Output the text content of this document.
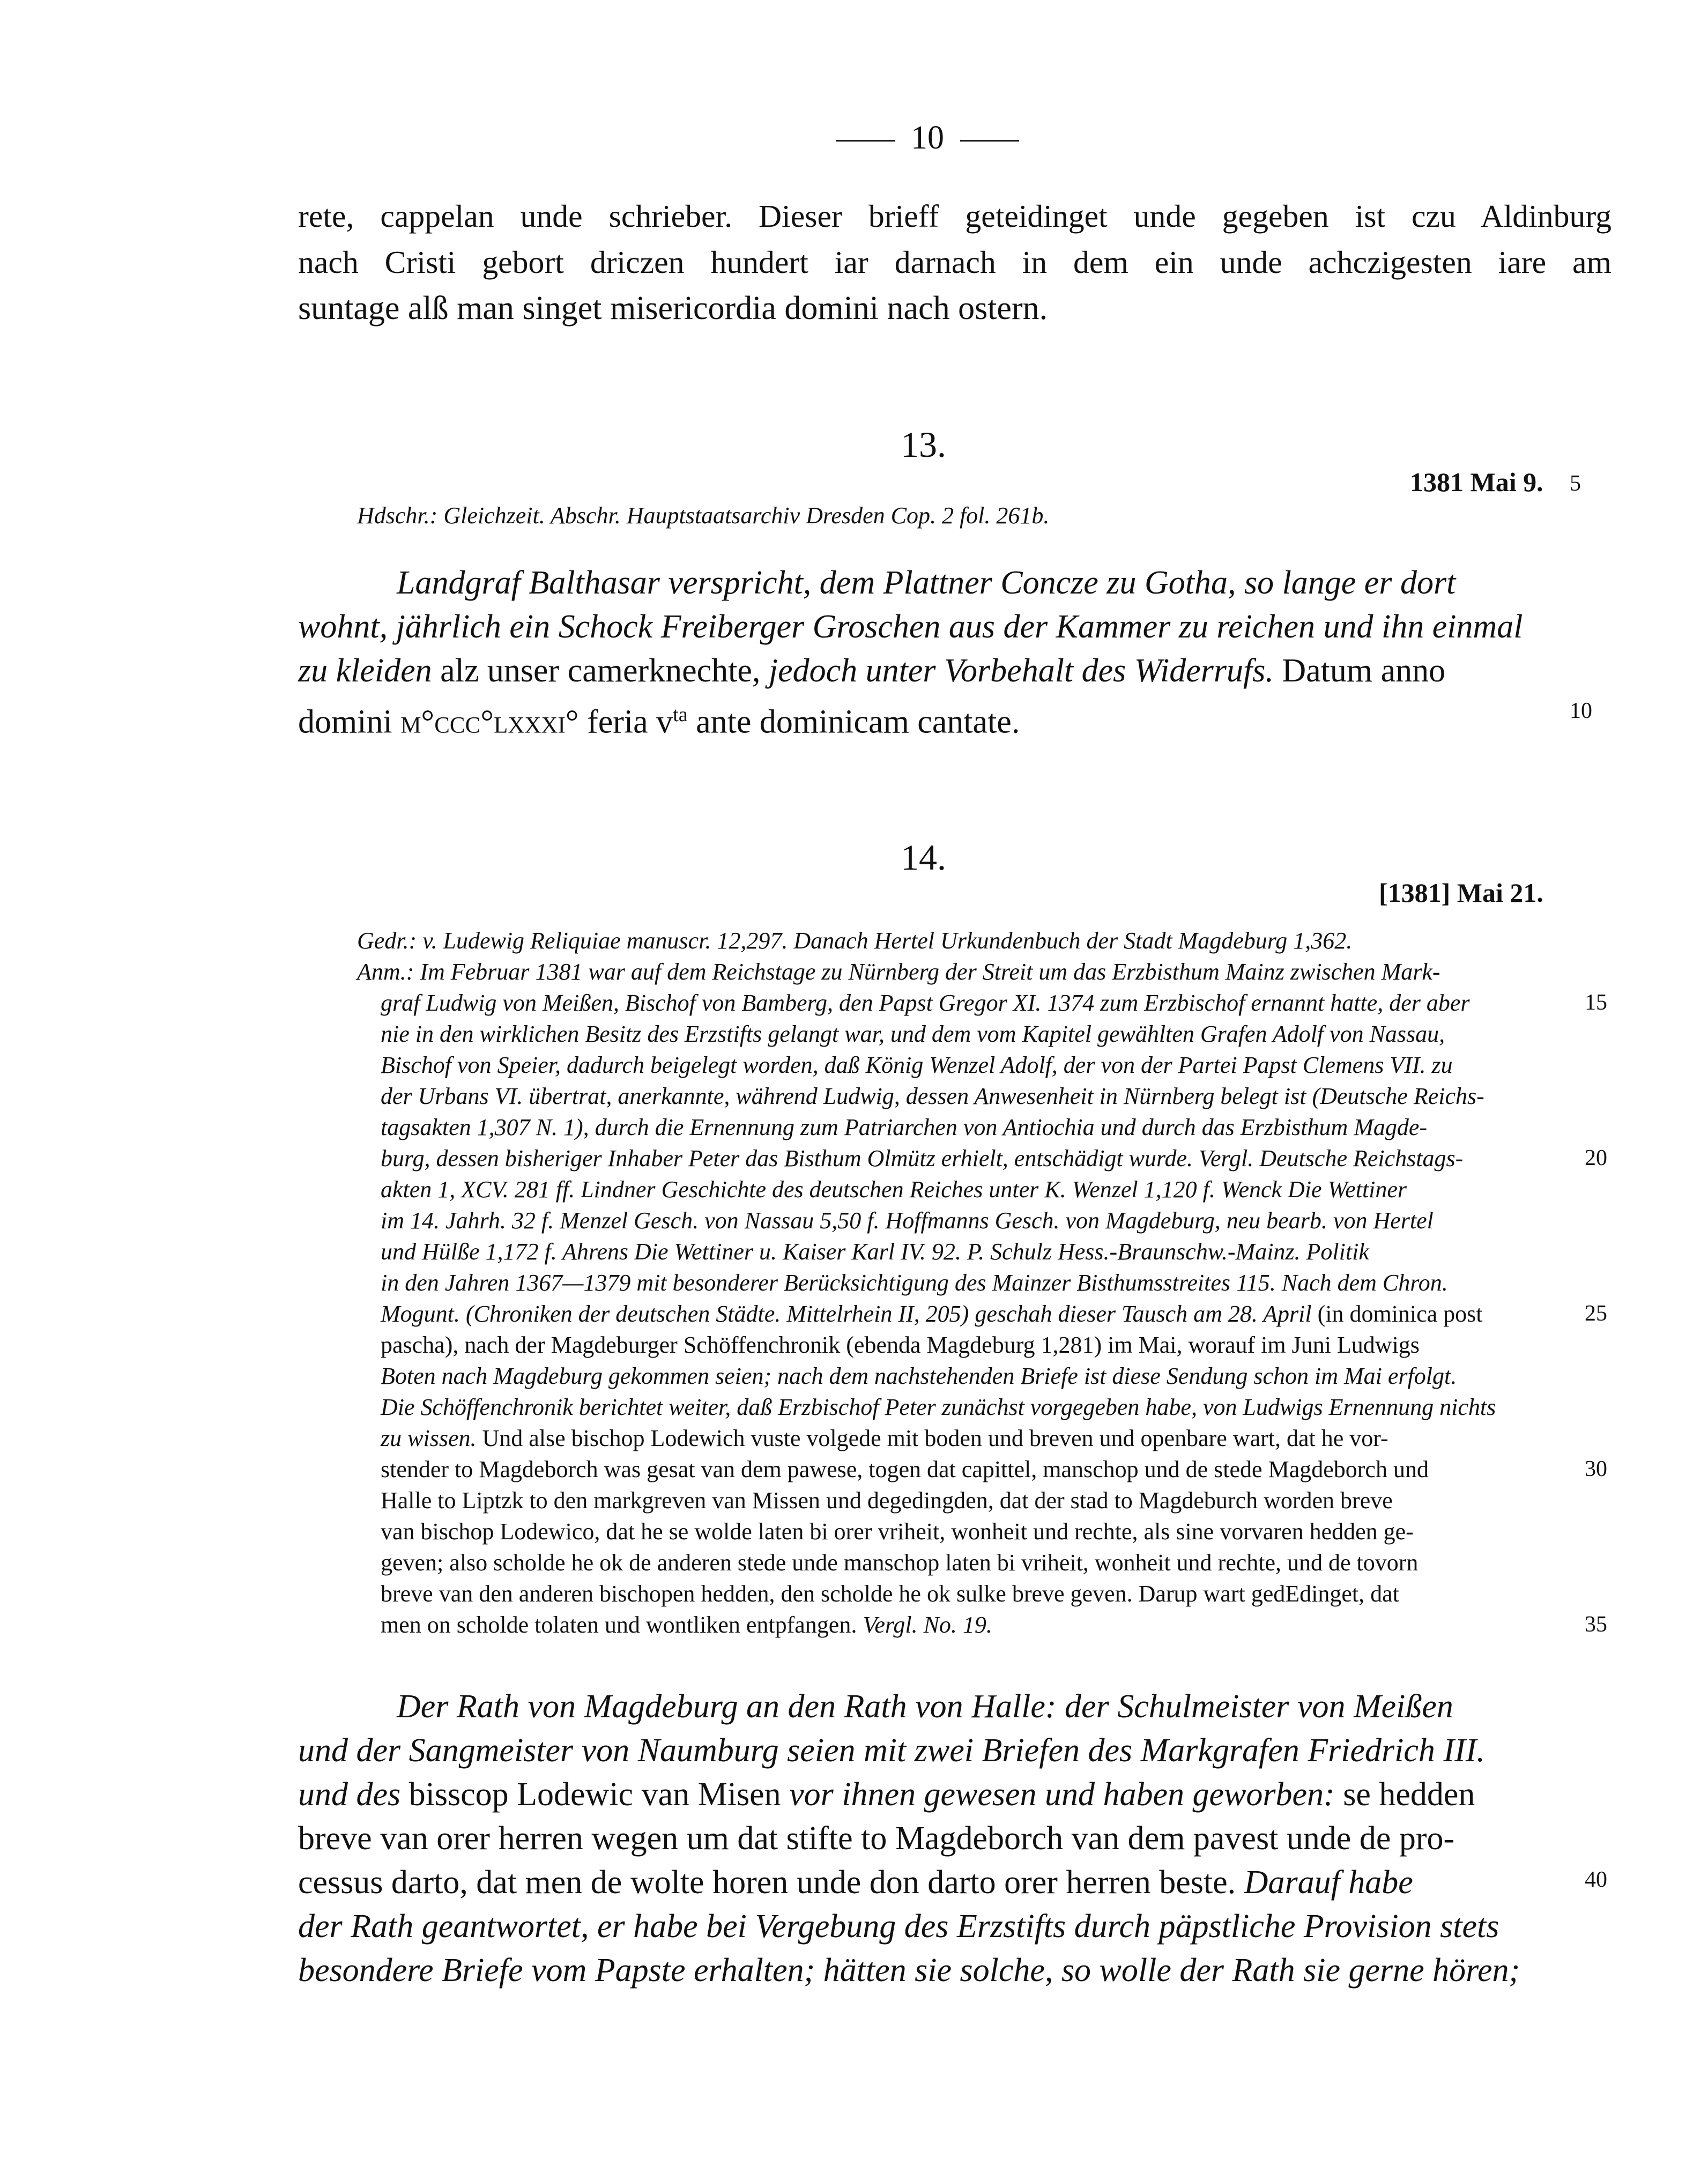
10
rete, cappelan unde schrieber. Dieser brieff geteidinget unde gegeben ist czu Aldinburg
nach Cristi gebort driczen hundert iar darnach in dem ein unde achczigesten iare am
suntage alß man singet misericordia domini nach ostern.
13.
1381 Mai 9. 5
Hdschr.: Gleichzeit. Abschr. Hauptstaatsarchiv Dresden Cop. 2 fol. 261b.
Landgraf Balthasar verspricht, dem Plattner Concze zu Gotha, so lange er dort
wohnt, jährlich ein Schock Freiberger Groschen aus der Kammer zu reichen und ihn einmal
zu kleiden alz unser camerknechte, jedoch unter Vorbehalt des Widerrufs. Datum anno
domini m°ccc°lxxxi° feria $v^{ta}$ ante dominicam cantate.	10
14.
[1381] Mai 21.
Gedr.: v. Ludewig Reliquiae manuscr. 12,297. Danach Hertel Urkundenbuch der Stadt Magdeburg 1,362.
Anm.: Im Februar 1381 war auf dem Reichstage zu Nürnberg der Streit um das Erzbisthum Mainz zwischen Mark-
graf Ludwig von Meißen, Bischof von Bamberg, den Papst Gregor XI. 1374 zum Erzbischof ernannt hatte, der aber
nie in den wirklichen Besitz des Erzstifts gelangt war, und dem vom Kapitel gewählten Grafen Adolf von Nassau,
Bischof von Speier, dadurch beigelegt worden, daß König Wenzel Adolf, der von der Partei Papst Clemens VII. zu
der Urbans VI. übertrat, anerkannte, während Ludwig, dessen Anwesenheit in Nürnberg belegt ist (Deutsche Reichs-
tagsakten 1,307 N. 1), durch die Ernennung zum Patriarchen von Antiochia und durch das Erzbisthum Magde-
burg, dessen bisheriger Inhaber Peter das Bisthum Olmütz erhielt, entschädigt wurde. Vergl. Deutsche Reichstags-
akten 1, XCV. 281 ff. Lindner Geschichte des deutschen Reiches unter K. Wenzel 1,120 f. Wenck Die Wettiner
im 14. Jahrh. 32 f. Menzel Gesch. von Nassau 5,50 f. Hoffmanns Gesch. von Magdeburg, neu bearb. von Hertel
und Hülße 1,172 f. Ahrens Die Wettiner u. Kaiser Karl IV. 92. P. Schulz Hess.-Braunschw.-Mainz. Politik
in den Jahren 1367—1379 mit besonderer Berücksichtigung des Mainzer Bisthumsstreites 115. Nach dem Chron.
Mogunt. (Chroniken der deutschen Städte. Mittelrhein II, 205) geschah dieser Tausch am 28. April (in dominica post
pascha), nach der Magdeburger Schöffenchronik (ebenda Magdeburg 1,281) im Mai, worauf im Juni Ludwigs
Boten nach Magdeburg gekommen seien; nach dem nachstehenden Briefe ist diese Sendung schon im Mai erfolgt.
Die Schöffenchronik berichtet weiter, daß Erzbischof Peter zunächst vorgegeben habe, von Ludwigs Ernennung nichts
zu wissen. Und alse bischop Lodewich vuste volgede mit boden und breven und openbare wart, dat he vor-
stender to Magdeborch was gesat van dem pawese, togen dat capittel, manschop und de stede Magdeborch und
Halle to Liptzk to den markgreven van Missen und degedingden, dat der stad to Magdeburch worden breve
van bischop Lodewico, dat he se wolde laten bi orer vriheit, wonheit und rechte, als sine vorvaren hedden ge-
geven; also scholde he ok de anderen stede unde manschop laten bi vriheit, wonheit und rechte, und de tovorn
breve van den anderen bischopen hedden, den scholde he ok sulke breve geven. Darup wart gedEdinget, dat
men on scholde tolaten und wontliken entpfangen. Vergl. No. 19.
15
20
25
30
35
Der Rath von Magdeburg an den Rath von Halle: der Schulmeister von Meißen
und der Sangmeister von Naumburg seien mit zwei Briefen des Markgrafen Friedrich III.
und des bisscop Lodewic van Misen vor ihnen gewesen und haben geworben: se hedden
breve van orer herren wegen um dat stifte to Magdeborch van dem pavest unde de pro-
cessus darto, dat men de wolte horen unde don darto orer herren beste. Darauf habe
der Rath geantwortet, er habe bei Vergebung des Erzstifts durch päpstliche Provision stets
besondere Briefe vom Papste erhalten; hätten sie solche, so wolle der Rath sie gerne hören;
40
